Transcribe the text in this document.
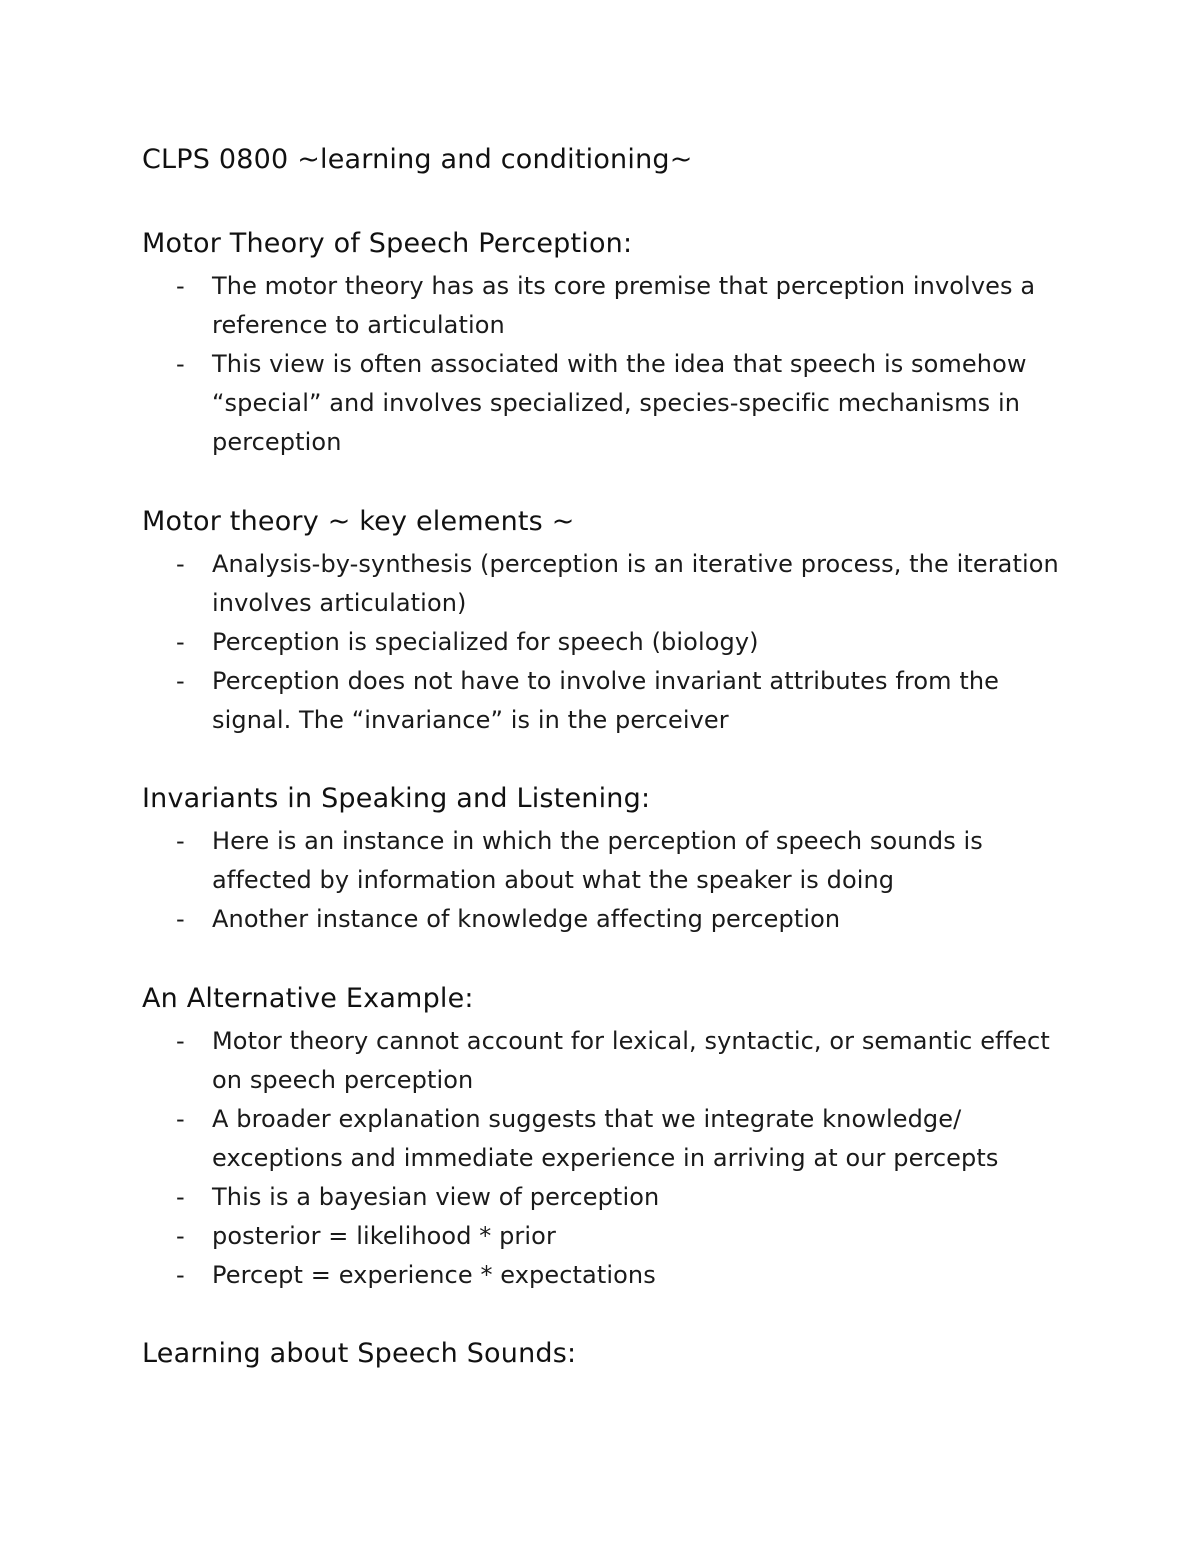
CLPS 0800 ~learning and conditioning~
Motor Theory of Speech Perception:
- The motor theory has as its core premise that perception involves a reference to articulation
- This view is often associated with the idea that speech is somehow “special” and involves specialized, species-specific mechanisms in perception
Motor theory ~ key elements ~
- Analysis-by-synthesis (perception is an iterative process, the iteration involves articulation)
- Perception is specialized for speech (biology)
- Perception does not have to involve invariant attributes from the signal. The “invariance” is in the perceiver
Invariants in Speaking and Listening:
- Here is an instance in which the perception of speech sounds is affected by information about what the speaker is doing
- Another instance of knowledge affecting perception
An Alternative Example:
- Motor theory cannot account for lexical, syntactic, or semantic effect on speech perception
- A broader explanation suggests that we integrate knowledge/ exceptions and immediate experience in arriving at our percepts
- This is a bayesian view of perception
- posterior = likelihood * prior
- Percept = experience * expectations
Learning about Speech Sounds:
